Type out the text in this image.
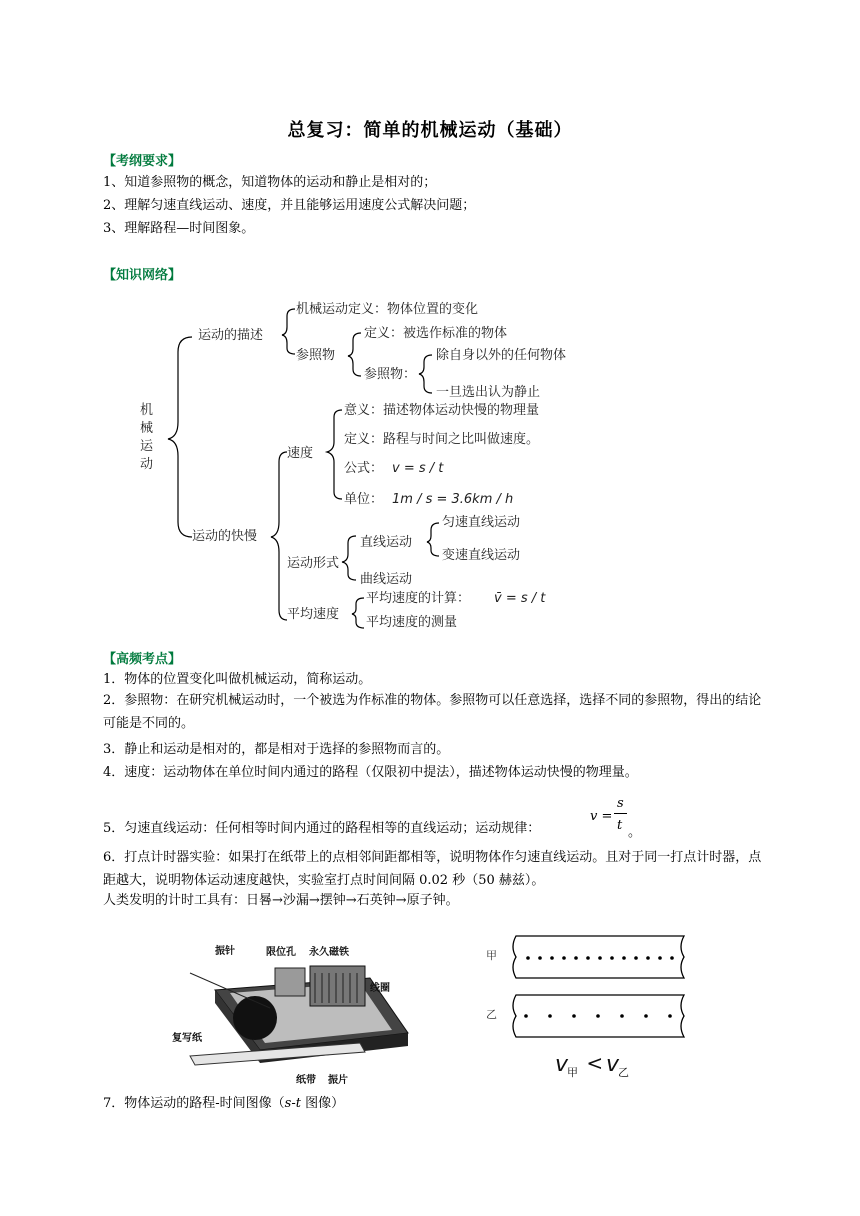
总复习：简单的机械运动（基础）
【考纲要求】
1、知道参照物的概念，知道物体的运动和静止是相对的；
2、理解匀速直线运动、速度，并且能够运用速度公式解决问题；
3、理解路程—时间图象。
【知识网络】
机
械
运
动
运动的描述
机械运动定义：物体位置的变化
参照物
定义：被选作标准的物体
参照物：
除自身以外的任何物体
一旦选出认为静止
运动的快慢
速度
意义：描述物体运动快慢的物理量
定义：路程与时间之比叫做速度。
公式： v = s / t
单位： 1m / s = 3.6km / h
运动形式
直线运动
匀速直线运动
变速直线运动
曲线运动
平均速度
平均速度的计算： v̄ = s / t
平均速度的测量
【高频考点】
1．物体的位置变化叫做机械运动，简称运动。
2．参照物：在研究机械运动时，一个被选为作标准的物体。参照物可以任意选择，选择不同的参照物，得出的结论可能是不同的。
3．静止和运动是相对的，都是相对于选择的参照物而言的。
4．速度：运动物体在单位时间内通过的路程（仅限初中提法），描述物体运动快慢的物理量。
5．匀速直线运动：任何相等时间内通过的路程相等的直线运动；运动规律：
v =
s
t 。
6．打点计时器实验：如果打在纸带上的点相邻间距都相等，说明物体作匀速直线运动。且对于同一打点计时器，点距越大，说明物体运动速度越快，实验室打点时间间隔 0.02 秒（50 赫兹）。
人类发明的计时工具有：日晷→沙漏→摆钟→石英钟→原子钟。
振针	限位孔 永久磁铁
线圈
复写纸
纸带 振片
甲
乙
v
甲 <
v
乙
7．物体运动的路程-时间图像（s-t 图像）
